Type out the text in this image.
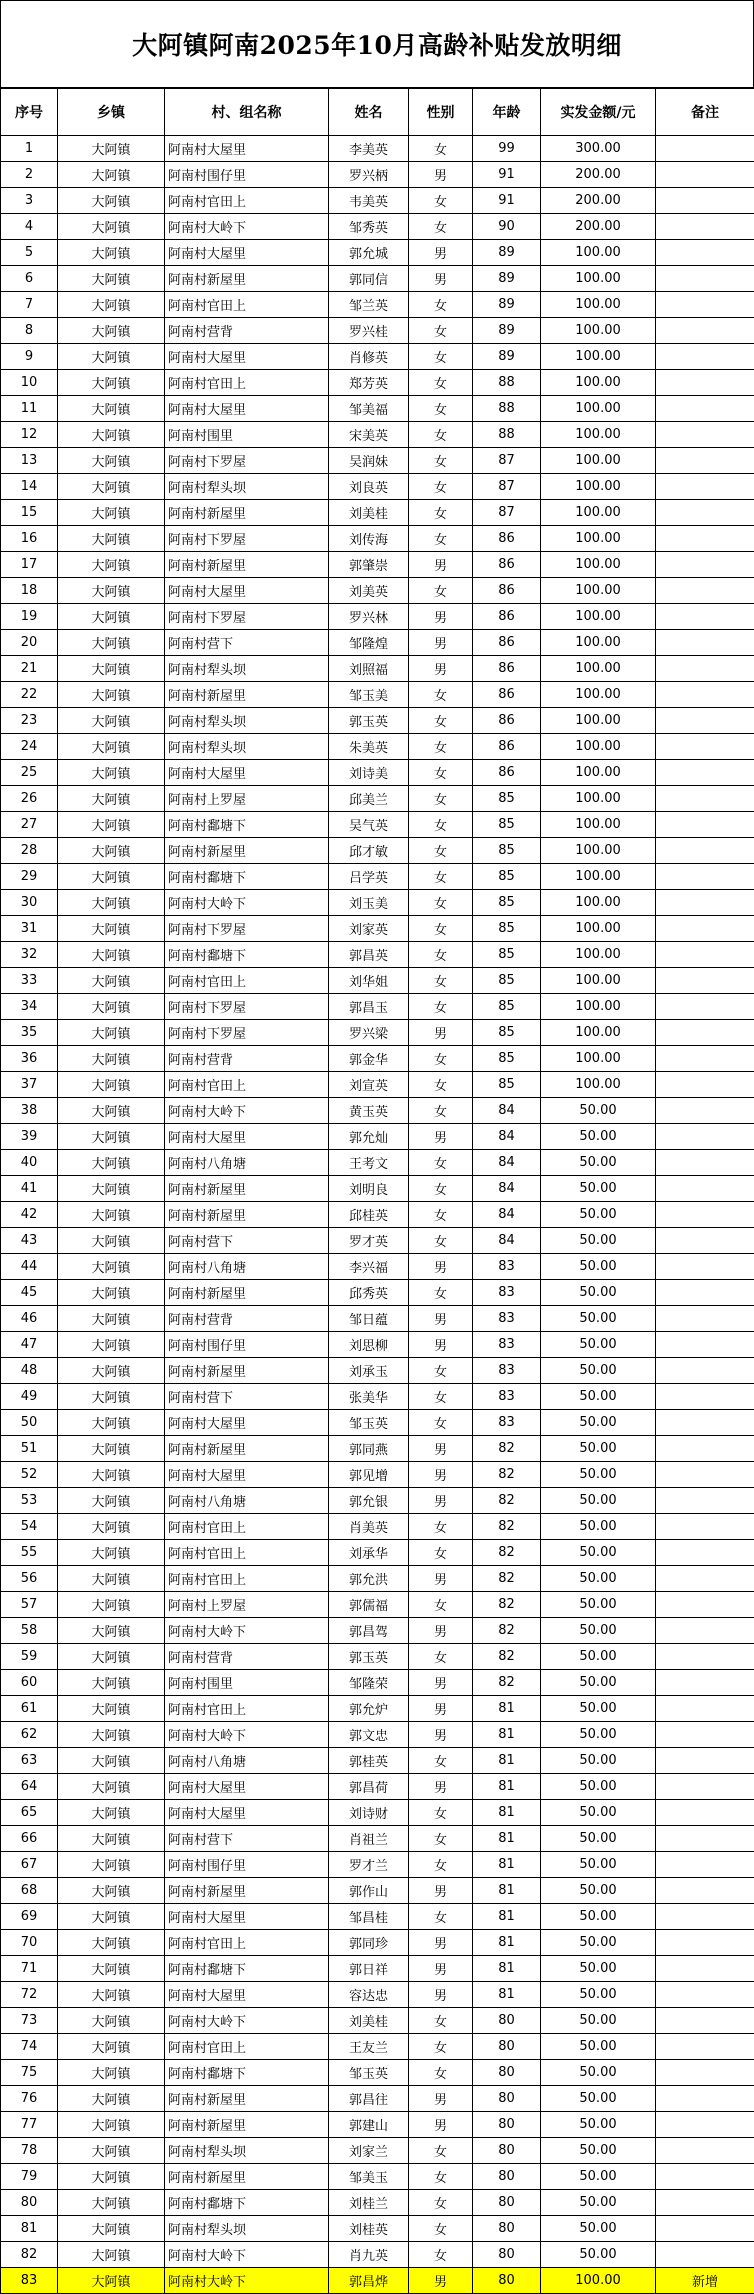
大阿镇阿南2025年10月高龄补贴发放明细
序号	乡镇	村、组名称	姓名	性别	年龄	实发金额/元	备注
1	大阿镇	阿南村大屋里	李美英	女	99	300.00	
2	大阿镇	阿南村围仔里	罗兴柄	男	91	200.00	
3	大阿镇	阿南村官田上	韦美英	女	91	200.00	
4	大阿镇	阿南村大岭下	邹秀英	女	90	200.00	
5	大阿镇	阿南村大屋里	郭允城	男	89	100.00	
6	大阿镇	阿南村新屋里	郭同信	男	89	100.00	
7	大阿镇	阿南村官田上	邹兰英	女	89	100.00	
8	大阿镇	阿南村营背	罗兴桂	女	89	100.00	
9	大阿镇	阿南村大屋里	肖修英	女	89	100.00	
10	大阿镇	阿南村官田上	郑芳英	女	88	100.00	
11	大阿镇	阿南村大屋里	邹美福	女	88	100.00	
12	大阿镇	阿南村围里	宋美英	女	88	100.00	
13	大阿镇	阿南村下罗屋	吴润妹	女	87	100.00	
14	大阿镇	阿南村犁头坝	刘良英	女	87	100.00	
15	大阿镇	阿南村新屋里	刘美桂	女	87	100.00	
16	大阿镇	阿南村下罗屋	刘传海	女	86	100.00	
17	大阿镇	阿南村新屋里	郭肇崇	男	86	100.00	
18	大阿镇	阿南村大屋里	刘美英	女	86	100.00	
19	大阿镇	阿南村下罗屋	罗兴林	男	86	100.00	
20	大阿镇	阿南村营下	邹隆煌	男	86	100.00	
21	大阿镇	阿南村犁头坝	刘照福	男	86	100.00	
22	大阿镇	阿南村新屋里	邹玉美	女	86	100.00	
23	大阿镇	阿南村犁头坝	郭玉英	女	86	100.00	
24	大阿镇	阿南村犁头坝	朱美英	女	86	100.00	
25	大阿镇	阿南村大屋里	刘诗美	女	86	100.00	
26	大阿镇	阿南村上罗屋	邱美兰	女	85	100.00	
27	大阿镇	阿南村鄱塘下	吴气英	女	85	100.00	
28	大阿镇	阿南村新屋里	邱才敏	女	85	100.00	
29	大阿镇	阿南村鄱塘下	吕学英	女	85	100.00	
30	大阿镇	阿南村大岭下	刘玉美	女	85	100.00	
31	大阿镇	阿南村下罗屋	刘家英	女	85	100.00	
32	大阿镇	阿南村鄱塘下	郭昌英	女	85	100.00	
33	大阿镇	阿南村官田上	刘华姐	女	85	100.00	
34	大阿镇	阿南村下罗屋	郭昌玉	女	85	100.00	
35	大阿镇	阿南村下罗屋	罗兴梁	男	85	100.00	
36	大阿镇	阿南村营背	郭金华	女	85	100.00	
37	大阿镇	阿南村官田上	刘宣英	女	85	100.00	
38	大阿镇	阿南村大岭下	黄玉英	女	84	50.00	
39	大阿镇	阿南村大屋里	郭允灿	男	84	50.00	
40	大阿镇	阿南村八角塘	王考文	女	84	50.00	
41	大阿镇	阿南村新屋里	刘明良	女	84	50.00	
42	大阿镇	阿南村新屋里	邱桂英	女	84	50.00	
43	大阿镇	阿南村营下	罗才英	女	84	50.00	
44	大阿镇	阿南村八角塘	李兴福	男	83	50.00	
45	大阿镇	阿南村新屋里	邱秀英	女	83	50.00	
46	大阿镇	阿南村营背	邹日蕴	男	83	50.00	
47	大阿镇	阿南村围仔里	刘思柳	男	83	50.00	
48	大阿镇	阿南村新屋里	刘承玉	女	83	50.00	
49	大阿镇	阿南村营下	张美华	女	83	50.00	
50	大阿镇	阿南村大屋里	邹玉英	女	83	50.00	
51	大阿镇	阿南村新屋里	郭同燕	男	82	50.00	
52	大阿镇	阿南村大屋里	郭见增	男	82	50.00	
53	大阿镇	阿南村八角塘	郭允银	男	82	50.00	
54	大阿镇	阿南村官田上	肖美英	女	82	50.00	
55	大阿镇	阿南村官田上	刘承华	女	82	50.00	
56	大阿镇	阿南村官田上	郭允洪	男	82	50.00	
57	大阿镇	阿南村上罗屋	郭儒福	女	82	50.00	
58	大阿镇	阿南村大岭下	郭昌驾	男	82	50.00	
59	大阿镇	阿南村营背	郭玉英	女	82	50.00	
60	大阿镇	阿南村围里	邹隆荣	男	82	50.00	
61	大阿镇	阿南村官田上	郭允炉	男	81	50.00	
62	大阿镇	阿南村大岭下	郭文忠	男	81	50.00	
63	大阿镇	阿南村八角塘	郭桂英	女	81	50.00	
64	大阿镇	阿南村大屋里	郭昌荷	男	81	50.00	
65	大阿镇	阿南村大屋里	刘诗财	女	81	50.00	
66	大阿镇	阿南村营下	肖祖兰	女	81	50.00	
67	大阿镇	阿南村围仔里	罗才兰	女	81	50.00	
68	大阿镇	阿南村新屋里	郭作山	男	81	50.00	
69	大阿镇	阿南村大屋里	邹昌桂	女	81	50.00	
70	大阿镇	阿南村官田上	郭同珍	男	81	50.00	
71	大阿镇	阿南村鄱塘下	郭日祥	男	81	50.00	
72	大阿镇	阿南村大屋里	容达忠	男	81	50.00	
73	大阿镇	阿南村大岭下	刘美桂	女	80	50.00	
74	大阿镇	阿南村官田上	王友兰	女	80	50.00	
75	大阿镇	阿南村鄱塘下	邹玉英	女	80	50.00	
76	大阿镇	阿南村新屋里	郭昌往	男	80	50.00	
77	大阿镇	阿南村新屋里	郭建山	男	80	50.00	
78	大阿镇	阿南村犁头坝	刘家兰	女	80	50.00	
79	大阿镇	阿南村新屋里	邹美玉	女	80	50.00	
80	大阿镇	阿南村鄱塘下	刘桂兰	女	80	50.00	
81	大阿镇	阿南村犁头坝	刘桂英	女	80	50.00	
82	大阿镇	阿南村大岭下	肖九英	女	80	50.00	
83	大阿镇	阿南村大岭下	郭昌烨	男	80	100.00	新增
